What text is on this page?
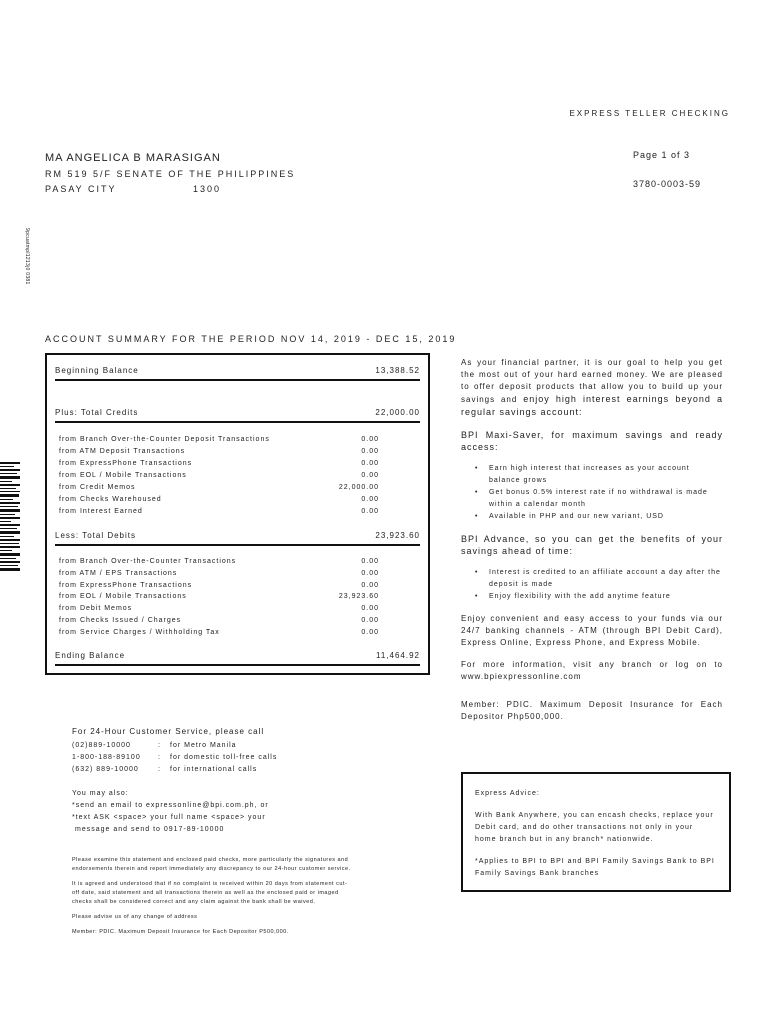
EXPRESS TELLER CHECKING
MA ANGELICA B MARASIGAN
RM 519 5/F SENATE OF THE PHILIPPINES
PASAY CITY	1300
Page 1 of 3
3780-0003-59
9pcuatmpl1213j0 0381
ACCOUNT SUMMARY FOR THE PERIOD NOV 14, 2019 - DEC 15, 2019
Beginning Balance	13,388.52
Plus: Total Credits	22,000.00
from Branch Over-the-Counter Deposit Transactions	0.00
from ATM Deposit Transactions	0.00
from ExpressPhone Transactions	0.00
from EOL / Mobile Transactions	0.00
from Credit Memos	22,000.00
from Checks Warehoused	0.00
from Interest Earned	0.00
Less: Total Debits	23,923.60
from Branch Over-the-Counter Transactions	0.00
from ATM / EPS Transactions	0.00
from ExpressPhone Transactions	0.00
from EOL / Mobile Transactions	23,923.60
from Debit Memos	0.00
from Checks Issued / Charges	0.00
from Service Charges / Withholding Tax	0.00
Ending Balance	11,464.92

As your financial partner, it is our goal to help you get the most out of your hard earned money. We are pleased to offer deposit products that allow you to build up your savings and enjoy high interest earnings beyond a regular savings account:

BPI Maxi-Saver, for maximum savings and ready access:

• Earn high interest that increases as your account balance grows
• Get bonus 0.5% interest rate if no withdrawal is made within a calendar month
• Available in PHP and our new variant, USD

BPI Advance, so you can get the benefits of your savings ahead of time:

• Interest is credited to an affiliate account a day after the deposit is made
• Enjoy flexibility with the add anytime feature

Enjoy convenient and easy access to your funds via our 24/7 banking channels - ATM (through BPI Debit Card), Express Online, Express Phone, and Express Mobile.

For more information, visit any branch or log on to www.bpiexpressonline.com

Member: PDIC. Maximum Deposit Insurance for Each Depositor Php500,000.

Express Advice:

With Bank Anywhere, you can encash checks, replace your Debit card, and do other transactions not only in your home branch but in any branch* nationwide.

*Applies to BPI to BPI and BPI Family Savings Bank to BPI Family Savings Bank branches

For 24-Hour Customer Service, please call
(02)889-10000	: for Metro Manila
1-800-188-89100 : for domestic toll-free calls
(632) 889-10000	: for international calls
You may also:
*send an email to expressonline@bpi.com.ph, or
*text ASK <space> your full name <space> your
message and send to 0917-89-10000

Please examine this statement and enclosed paid checks, more particularly the signatures and endorsements therein and report immediately any discrepancy to our 24-hour customer service.

It is agreed and understood that if no complaint is received within 20 days from statement cut-off date, said statement and all transactions therein as well as the enclosed paid or imaged checks shall be considered correct and any claim against the bank shall be waived.

Please advise us of any change of address

Member: PDIC. Maximum Deposit Insurance for Each Depositor P500,000.
